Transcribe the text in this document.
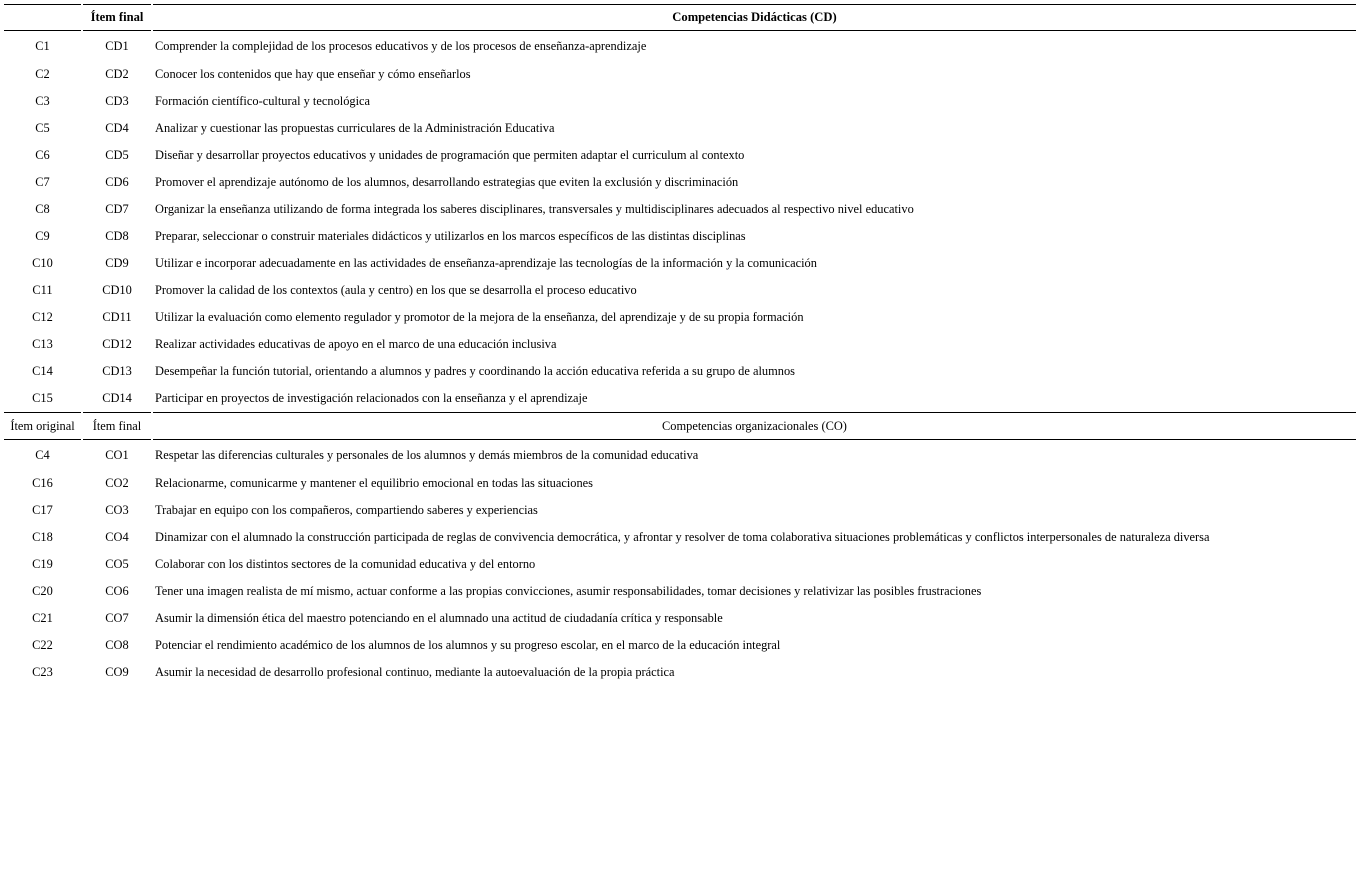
	Ítem final	Competencias Didácticas (CD)
C1	CD1	Comprender la complejidad de los procesos educativos y de los procesos de enseñanza-aprendizaje
C2	CD2	Conocer los contenidos que hay que enseñar y cómo enseñarlos
C3	CD3	Formación científico-cultural y tecnológica
C5	CD4	Analizar y cuestionar las propuestas curriculares de la Administración Educativa
C6	CD5	Diseñar y desarrollar proyectos educativos y unidades de programación que permiten adaptar el curriculum al contexto
C7	CD6	Promover el aprendizaje autónomo de los alumnos, desarrollando estrategias que eviten la exclusión y discriminación
C8	CD7	Organizar la enseñanza utilizando de forma integrada los saberes disciplinares, transversales y multidisciplinares adecuados al respectivo nivel educativo
C9	CD8	Preparar, seleccionar o construir materiales didácticos y utilizarlos en los marcos específicos de las distintas disciplinas
C10	CD9	Utilizar e incorporar adecuadamente en las actividades de enseñanza-aprendizaje las tecnologías de la información y la comunicación
C11	CD10	Promover la calidad de los contextos (aula y centro) en los que se desarrolla el proceso educativo
C12	CD11	Utilizar la evaluación como elemento regulador y promotor de la mejora de la enseñanza, del aprendizaje y de su propia formación
C13	CD12	Realizar actividades educativas de apoyo en el marco de una educación inclusiva
C14	CD13	Desempeñar la función tutorial, orientando a alumnos y padres y coordinando la acción educativa referida a su grupo de alumnos
C15	CD14	Participar en proyectos de investigación relacionados con la enseñanza y el aprendizaje
Ítem original	Ítem final	Competencias organizacionales (CO)
C4	CO1	Respetar las diferencias culturales y personales de los alumnos y demás miembros de la comunidad educativa
C16	CO2	Relacionarme, comunicarme y mantener el equilibrio emocional en todas las situaciones
C17	CO3	Trabajar en equipo con los compañeros, compartiendo saberes y experiencias
C18	CO4	Dinamizar con el alumnado la construcción participada de reglas de convivencia democrática, y afrontar y resolver de toma colaborativa situaciones problemáticas y conflictos interpersonales de naturaleza diversa
C19	CO5	Colaborar con los distintos sectores de la comunidad educativa y del entorno
C20	CO6	Tener una imagen realista de mí mismo, actuar conforme a las propias convicciones, asumir responsabilidades, tomar decisiones y relativizar las posibles frustraciones
C21	CO7	Asumir la dimensión ética del maestro potenciando en el alumnado una actitud de ciudadanía crítica y responsable
C22	CO8	Potenciar el rendimiento académico de los alumnos de los alumnos y su progreso escolar, en el marco de la educación integral
C23	CO9	Asumir la necesidad de desarrollo profesional continuo, mediante la autoevaluación de la propia práctica
